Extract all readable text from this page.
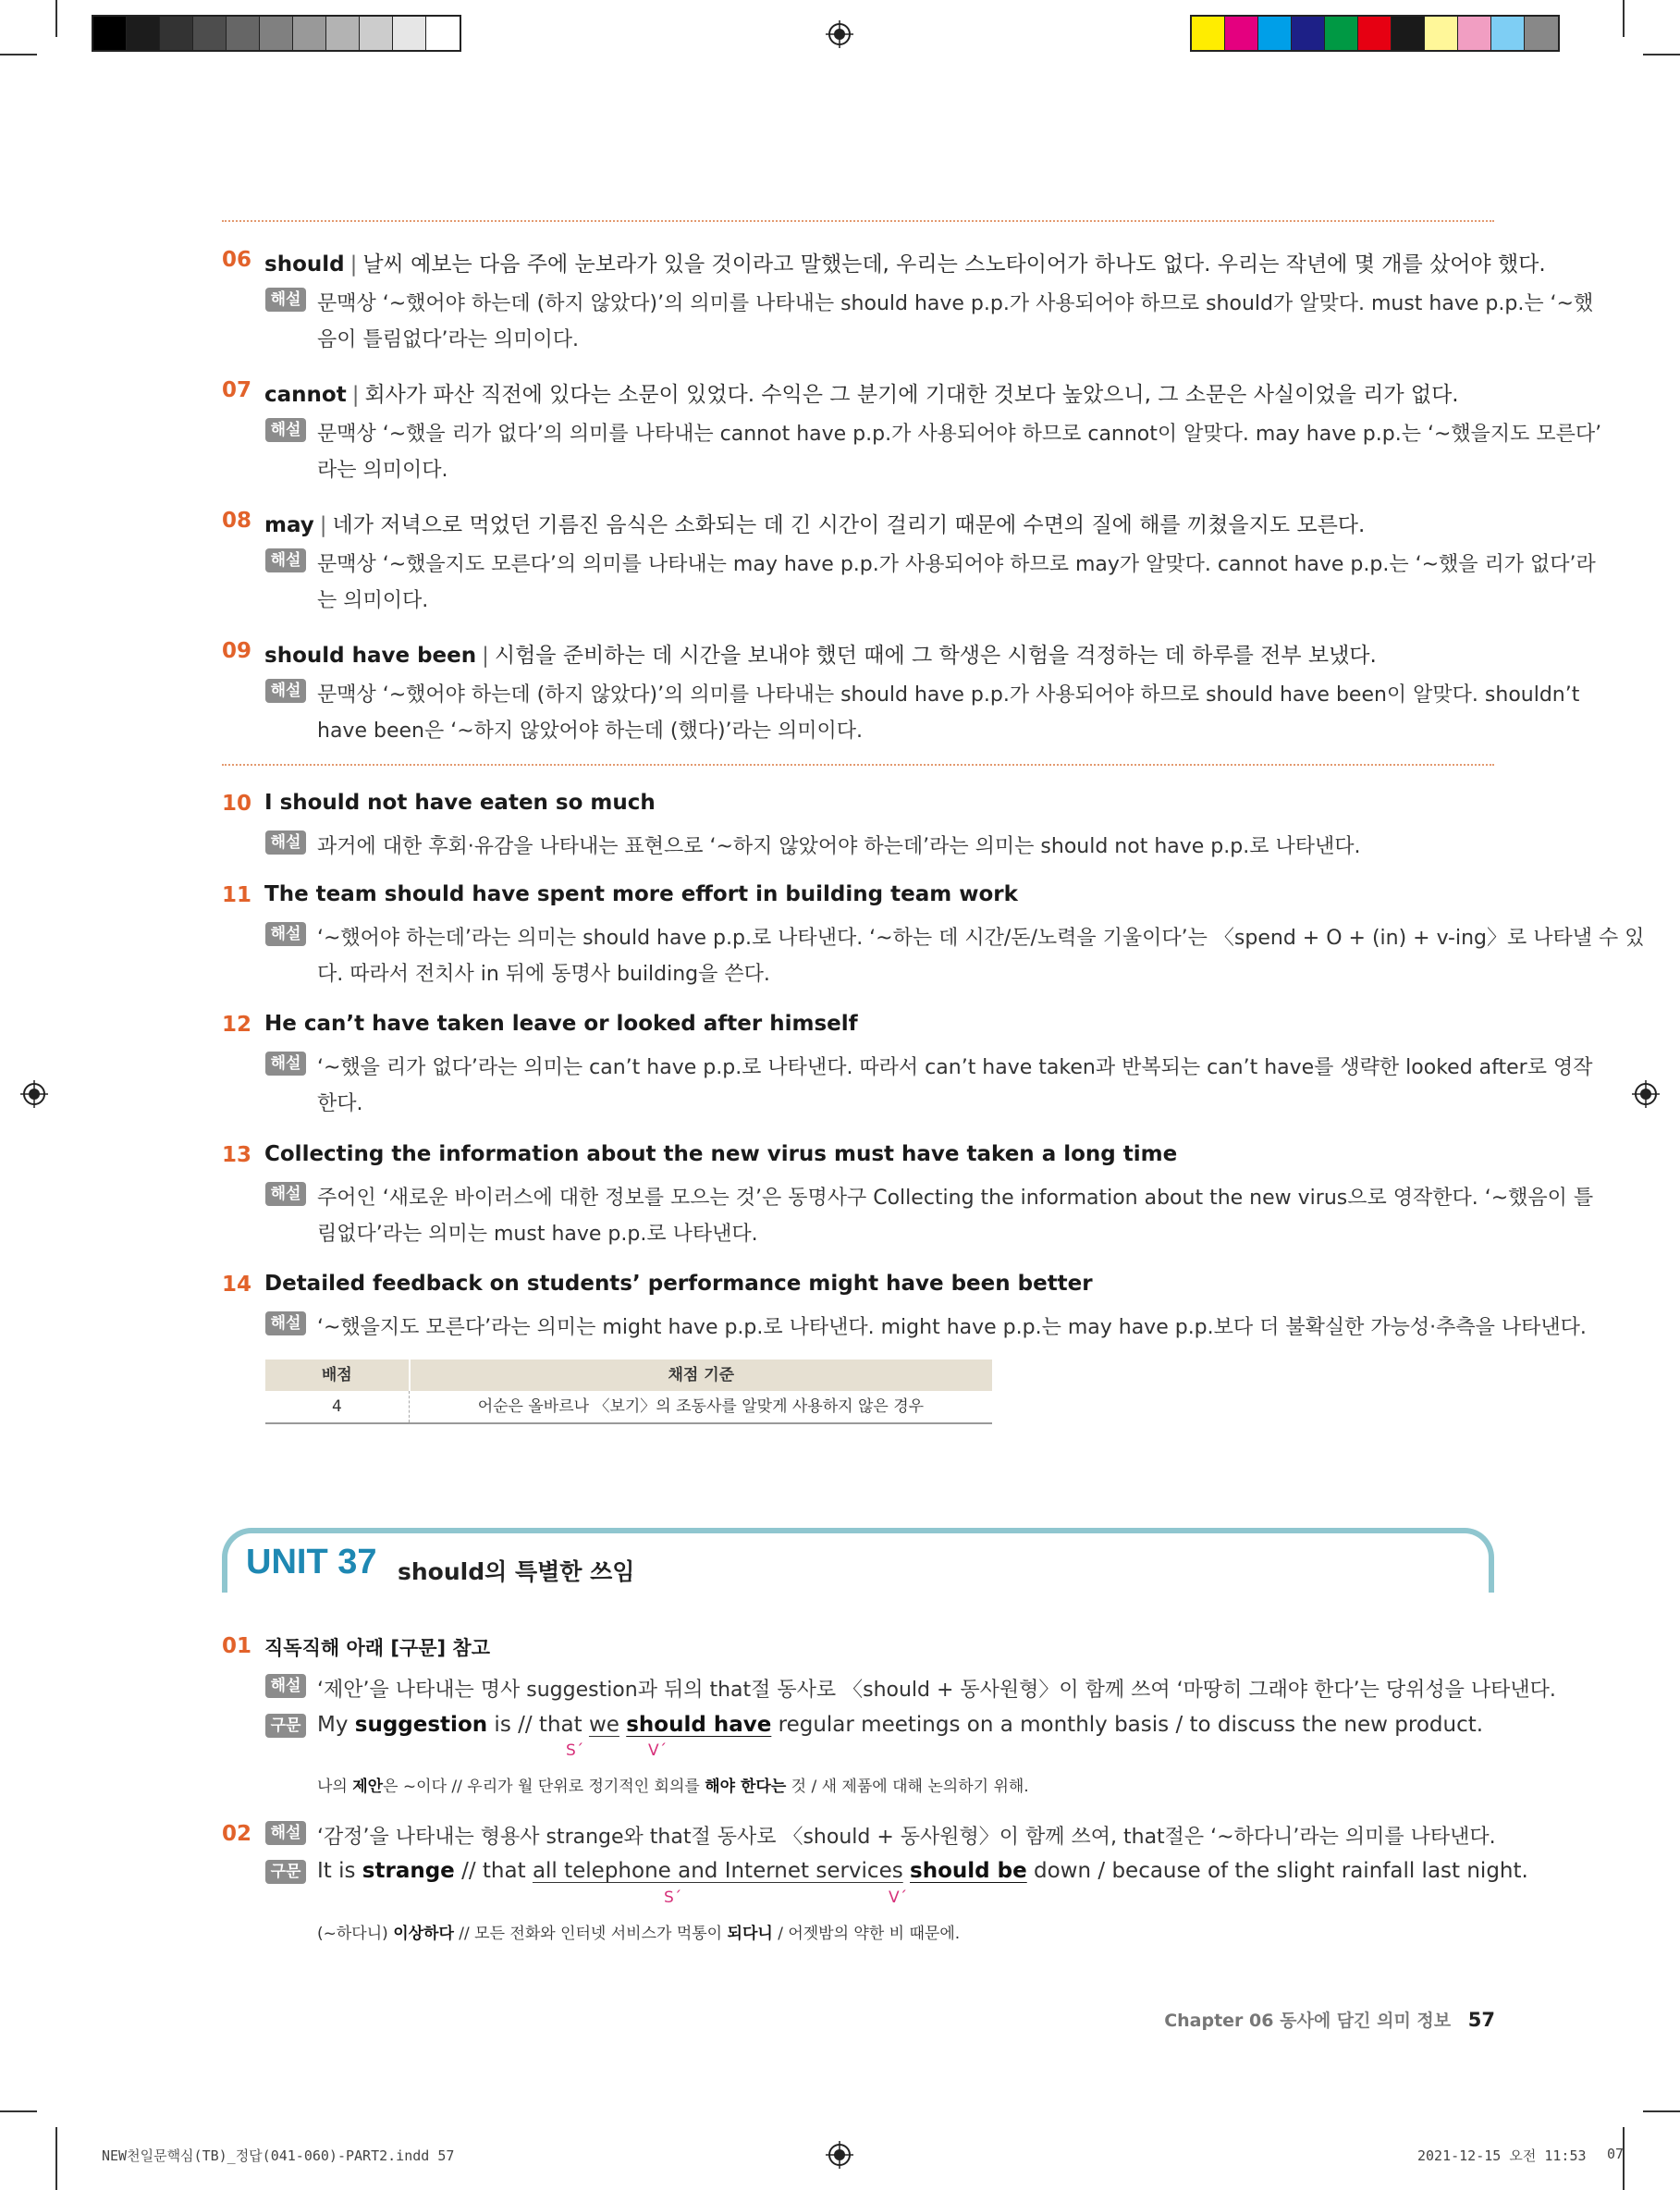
06 should | 날씨 예보는 다음 주에 눈보라가 있을 것이라고 말했는데, 우리는 스노타이어가 하나도 없다. 우리는 작년에 몇 개를 샀어야 했다.
해설 문맥상 ‘~했어야 하는데 (하지 않았다)’의 의미를 나타내는 should have p.p.가 사용되어야 하므로 should가 알맞다. must have p.p.는 ‘~했
음이 틀림없다’라는 의미이다.
07 cannot | 회사가 파산 직전에 있다는 소문이 있었다. 수익은 그 분기에 기대한 것보다 높았으니, 그 소문은 사실이었을 리가 없다.
해설 문맥상 ‘~했을 리가 없다’의 의미를 나타내는 cannot have p.p.가 사용되어야 하므로 cannot이 알맞다. may have p.p.는 ‘~했을지도 모른다’
라는 의미이다.
08 may | 네가 저녁으로 먹었던 기름진 음식은 소화되는 데 긴 시간이 걸리기 때문에 수면의 질에 해를 끼쳤을지도 모른다.
해설 문맥상 ‘~했을지도 모른다’의 의미를 나타내는 may have p.p.가 사용되어야 하므로 may가 알맞다. cannot have p.p.는 ‘~했을 리가 없다’라
는 의미이다.
09 should have been | 시험을 준비하는 데 시간을 보내야 했던 때에 그 학생은 시험을 걱정하는 데 하루를 전부 보냈다.
해설 문맥상 ‘~했어야 하는데 (하지 않았다)’의 의미를 나타내는 should have p.p.가 사용되어야 하므로 should have been이 알맞다. shouldn’t
have been은 ‘~하지 않았어야 하는데 (했다)’라는 의미이다.
10 I should not have eaten so much
해설 과거에 대한 후회·유감을 나타내는 표현으로 ‘~하지 않았어야 하는데’라는 의미는 should not have p.p.로 나타낸다.
11 The team should have spent more effort in building team work
해설 ‘~했어야 하는데’라는 의미는 should have p.p.로 나타낸다. ‘~하는 데 시간/돈/노력을 기울이다’는 〈spend + O + (in) + v-ing〉로 나타낼 수 있
다. 따라서 전치사 in 뒤에 동명사 building을 쓴다.
12 He can’t have taken leave or looked after himself
해설 ‘~했을 리가 없다’라는 의미는 can’t have p.p.로 나타낸다. 따라서 can’t have taken과 반복되는 can’t have를 생략한 looked after로 영작
한다.
13 Collecting the information about the new virus must have taken a long time
해설 주어인 ‘새로운 바이러스에 대한 정보를 모으는 것’은 동명사구 Collecting the information about the new virus으로 영작한다. ‘~했음이 틀
림없다’라는 의미는 must have p.p.로 나타낸다.
14 Detailed feedback on students’ performance might have been better
해설 ‘~했을지도 모른다’라는 의미는 might have p.p.로 나타낸다. might have p.p.는 may have p.p.보다 더 불확실한 가능성·추측을 나타낸다.
배점	채점 기준
4	어순은 올바르나 〈보기〉의 조동사를 알맞게 사용하지 않은 경우
UNIT 37 should의 특별한 쓰임
01 직독직해 아래 [구문] 참고
해설 ‘제안’을 나타내는 명사 suggestion과 뒤의 that절 동사로 〈should + 동사원형〉이 함께 쓰여 ‘마땅히 그래야 한다’는 당위성을 나타낸다.
구문 My suggestion is // that we should have regular meetings on a monthly basis / to discuss the new product.
S´	V´
나의 제안은 ~이다 // 우리가 월 단위로 정기적인 회의를 해야 한다는 것 / 새 제품에 대해 논의하기 위해.
02	해설 ‘감정’을 나타내는 형용사 strange와 that절 동사로 〈should + 동사원형〉이 함께 쓰여, that절은 ‘~하다니’라는 의미를 나타낸다.
구문 It is strange // that all telephone and Internet services should be down / because of the slight rainfall last night.
S´	V´
(~하다니) 이상하다 // 모든 전화와 인터넷 서비스가 먹통이 되다니 / 어젯밤의 약한 비 때문에.
Chapter 06 동사에 담긴 의미 정보 57
NEW천일문핵심(TB)_정답(041-060)-PART2.indd 57	2021-12-15 오전 11:53 07
